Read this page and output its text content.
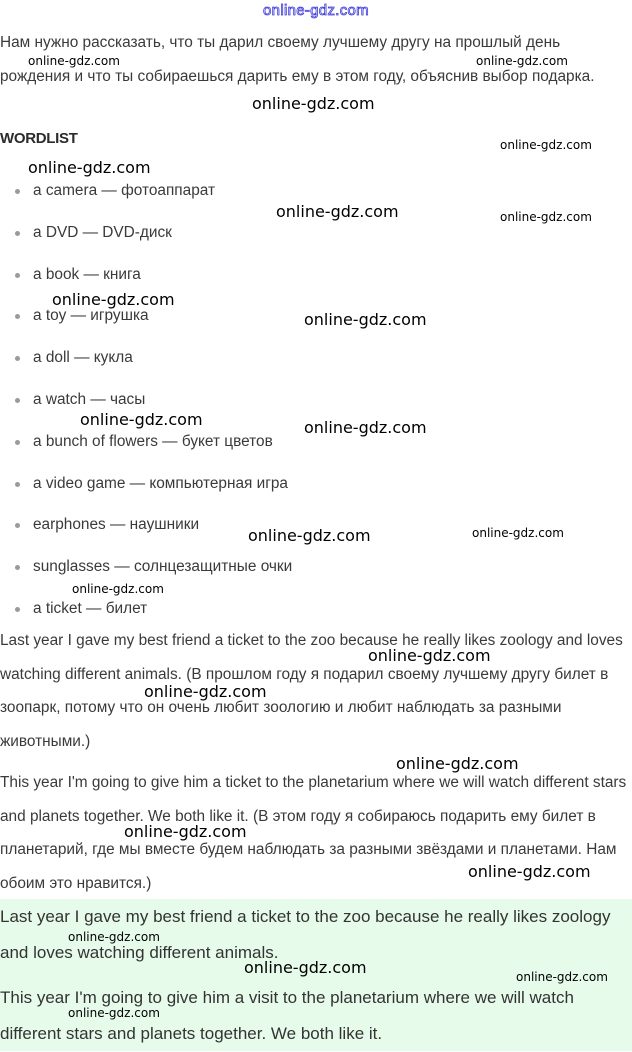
online-gdz.com

Нам нужно рассказать, что ты дарил своему лучшему другу на прошлый день рождения и что ты собираешься дарить ему в этом году, объяснив выбор подарка.

WORDLIST
a camera — фотоаппарат
a DVD — DVD-диск
a book — книга
a toy — игрушка
a doll — кукла
a watch — часы
a bunch of flowers — букет цветов
a video game — компьютерная игра
earphones — наушники
sunglasses — солнцезащитные очки
a ticket — билет

Last year I gave my best friend a ticket to the zoo because he really likes zoology and loves watching different animals. (В прошлом году я подарил своему лучшему другу билет в зоопарк, потому что он очень любит зоологию и любит наблюдать за разными животными.)

This year I'm going to give him a ticket to the planetarium where we will watch different stars and planets together. We both like it. (В этом году я собираюсь подарить ему билет в планетарий, где мы вместе будем наблюдать за разными звёздами и планетами. Нам обоим это нравится.)

Last year I gave my best friend a ticket to the zoo because he really likes zoology and loves watching different animals.

This year I'm going to give him a visit to the planetarium where we will watch different stars and planets together. We both like it.

online-gdz.com	online-gdz.com
online-gdz.com
online-gdz.com
online-gdz.com
online-gdz.com	online-gdz.com
online-gdz.com
online-gdz.com
online-gdz.com	online-gdz.com
online-gdz.com	online-gdz.com
online-gdz.com
online-gdz.com
online-gdz.com
online-gdz.com
online-gdz.com
online-gdz.com
online-gdz.com
online-gdz.com	online-gdz.com
online-gdz.com
